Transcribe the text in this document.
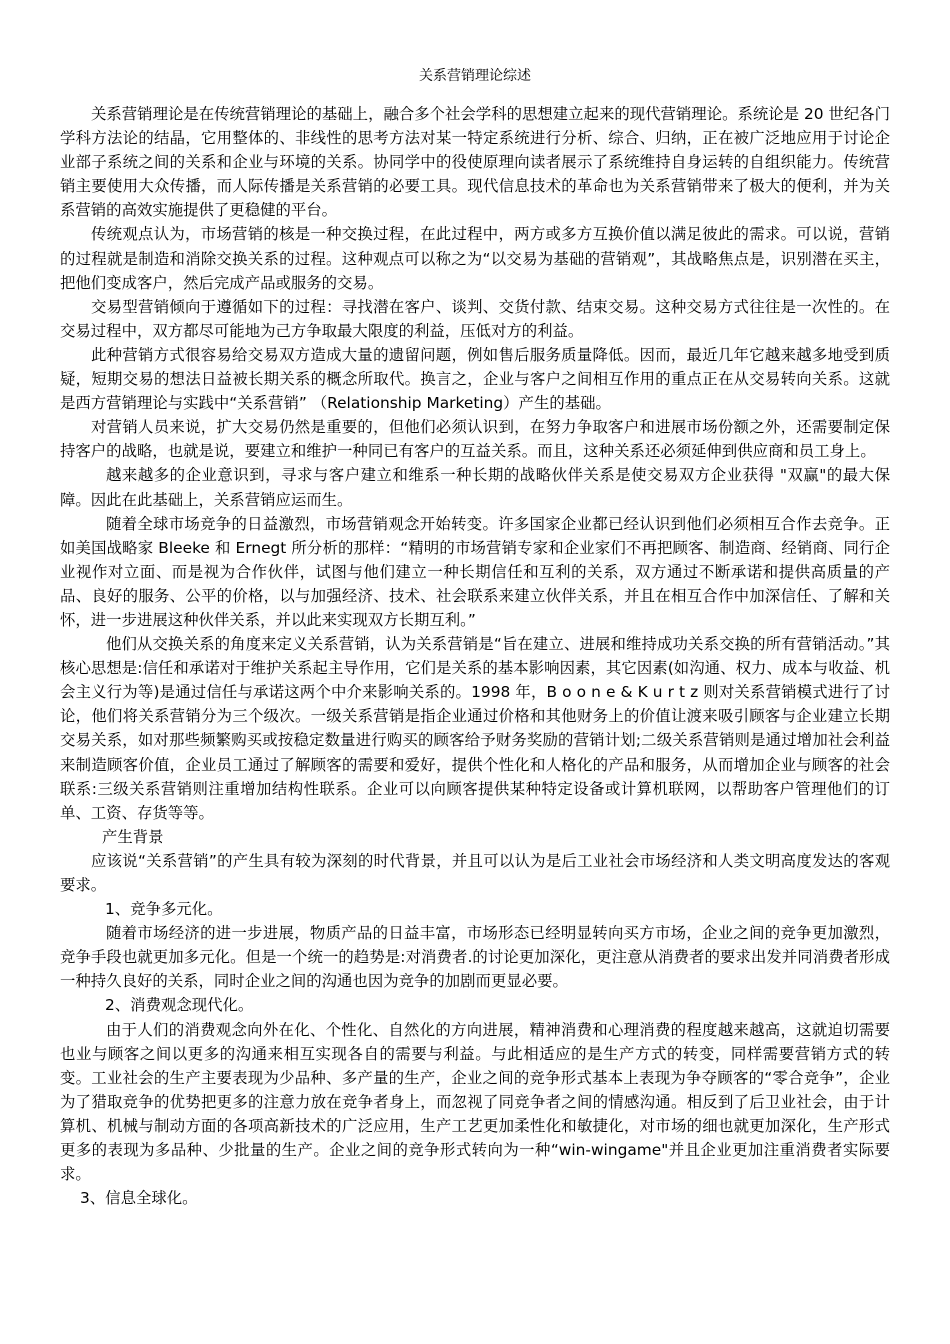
关系营销理论综述

关系营销理论是在传统营销理论的基础上，融合多个社会学科的思想建立起来的现代营销理论。系统论是 20 世纪各门学科方法论的结晶，它用整体的、非线性的思考方法对某一特定系统进行分析、综合、归纳，正在被广泛地应用于讨论企业部子系统之间的关系和企业与环境的关系。协同学中的役使原理向读者展示了系统维持自身运转的自组织能力。传统营销主要使用大众传播，而人际传播是关系营销的必要工具。现代信息技术的革命也为关系营销带来了极大的便利，并为关系营销的高效实施提供了更稳健的平台。

传统观点认为，市场营销的核是一种交换过程，在此过程中，两方或多方互换价值以满足彼此的需求。可以说，营销的过程就是制造和消除交换关系的过程。这种观点可以称之为“以交易为基础的营销观”，其战略焦点是，识别潜在买主，把他们变成客户，然后完成产品或服务的交易。

交易型营销倾向于遵循如下的过程：寻找潜在客户、谈判、交货付款、结束交易。这种交易方式往往是一次性的。在交易过程中，双方都尽可能地为己方争取最大限度的利益，压低对方的利益。

此种营销方式很容易给交易双方造成大量的遗留问题，例如售后服务质量降低。因而，最近几年它越来越多地受到质疑，短期交易的想法日益被长期关系的概念所取代。换言之，企业与客户之间相互作用的重点正在从交易转向关系。这就是西方营销理论与实践中“关系营销” （Relationship Marketing）产生的基础。

对营销人员来说，扩大交易仍然是重要的，但他们必须认识到，在努力争取客户和进展市场份额之外，还需要制定保持客户的战略，也就是说，要建立和维护一种同已有客户的互益关系。而且，这种关系还必须延伸到供应商和员工身上。

越来越多的企业意识到，寻求与客户建立和维系一种长期的战略伙伴关系是使交易双方企业获得 "双赢"的最大保障。因此在此基础上，关系营销应运而生。

随着全球市场竞争的日益激烈，市场营销观念开始转变。许多国家企业都已经认识到他们必须相互合作去竞争。正如美国战略家 Bleeke 和 Ernegt 所分析的那样：“精明的市场营销专家和企业家们不再把顾客、制造商、经销商、同行企业视作对立面、而是视为合作伙伴，试图与他们建立一种长期信任和互利的关系，双方通过不断承诺和提供高质量的产品、良好的服务、公平的价格，以与加强经济、技术、社会联系来建立伙伴关系，并且在相互合作中加深信任、了解和关怀，进一步进展这种伙伴关系，并以此来实现双方长期互利。”

他们从交换关系的角度来定义关系营销，认为关系营销是“旨在建立、进展和维持成功关系交换的所有营销活动。”其核心思想是:信任和承诺对于维护关系起主导作用，它们是关系的基本影响因素，其它因素(如沟通、权力、成本与收益、机会主义行为等)是通过信任与承诺这两个中介来影响关系的。1998 年，B o o n e & K u r t z 则对关系营销模式进行了讨论，他们将关系营销分为三个级次。一级关系营销是指企业通过价格和其他财务上的价值让渡来吸引顾客与企业建立长期交易关系，如对那些频繁购买或按稳定数量进行购买的顾客给予财务奖励的营销计划;二级关系营销则是通过增加社会利益来制造顾客价值，企业员工通过了解顾客的需要和爱好，提供个性化和人格化的产品和服务，从而增加企业与顾客的社会联系:三级关系营销则注重增加结构性联系。企业可以向顾客提供某种特定设备或计算机联网，以帮助客户管理他们的订单、工资、存货等等。

产生背景

应该说“关系营销”的产生具有较为深刻的时代背景，并且可以认为是后工业社会市场经济和人类文明高度发达的客观要求。

1、竞争多元化。

随着市场经济的进一步进展，物质产品的日益丰富，市场形态已经明显转向买方市场，企业之间的竞争更加激烈，竞争手段也就更加多元化。但是一个统一的趋势是:对消费者.的讨论更加深化，更注意从消费者的要求出发并同消费者形成一种持久良好的关系，同时企业之间的沟通也因为竞争的加剧而更显必要。

2、消费观念现代化。

由于人们的消费观念向外在化、个性化、自然化的方向进展，精神消费和心理消费的程度越来越高，这就迫切需要也业与顾客之间以更多的沟通来相互实现各自的需要与利益。与此相适应的是生产方式的转变，同样需要营销方式的转变。工业社会的生产主要表现为少品种、多产量的生产，企业之间的竞争形式基本上表现为争夺顾客的“零合竞争”，企业为了猎取竞争的优势把更多的注意力放在竞争者身上，而忽视了同竞争者之间的情感沟通。相反到了后卫业社会，由于计算机、机械与制动方面的各项高新技术的广泛应用，生产工艺更加柔性化和敏捷化，对市场的细也就更加深化，生产形式更多的表现为多品种、少批量的生产。企业之间的竞争形式转向为一种“win-wingame"并且企业更加注重消费者实际要求。

3、信息全球化。
